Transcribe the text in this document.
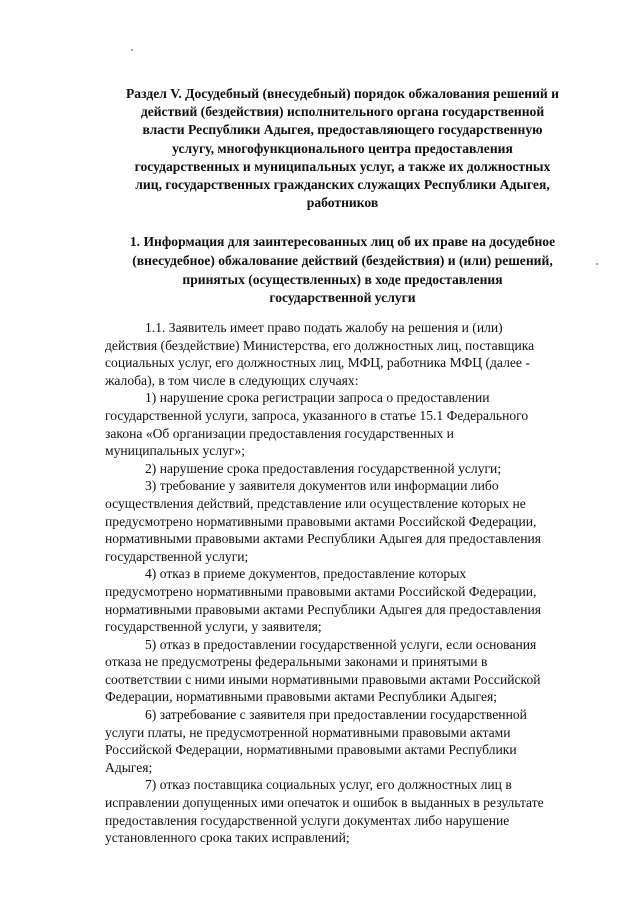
Раздел V. Досудебный (внесудебный) порядок обжалования решений и
действий (бездействия) исполнительного органа государственной
власти Республики Адыгея, предоставляющего государственную
услугу, многофункционального центра предоставления
государственных и муниципальных услуг, а также их должностных
лиц, государственных гражданских служащих Республики Адыгея,
работников
1. Информация для заинтересованных лиц об их праве на досудебное
(внесудебное) обжалование действий (бездействия) и (или) решений,
принятых (осуществленных) в ходе предоставления
государственной услуги

1.1. Заявитель имеет право подать жалобу на решения и (или)
действия (бездействие) Министерства, его должностных лиц, поставщика
социальных услуг, его должностных лиц, МФЦ, работника МФЦ (далее -
жалоба), в том числе в следующих случаях:

1) нарушение срока регистрации запроса о предоставлении
государственной услуги, запроса, указанного в статье 15.1 Федерального
закона «Об организации предоставления государственных и
муниципальных услуг»;

2) нарушение срока предоставления государственной услуги;

3) требование у заявителя документов или информации либо
осуществления действий, представление или осуществление которых не
предусмотрено нормативными правовыми актами Российской Федерации,
нормативными правовыми актами Республики Адыгея для предоставления
государственной услуги;

4) отказ в приеме документов, предоставление которых
предусмотрено нормативными правовыми актами Российской Федерации,
нормативными правовыми актами Республики Адыгея для предоставления
государственной услуги, у заявителя;

5) отказ в предоставлении государственной услуги, если основания
отказа не предусмотрены федеральными законами и принятыми в
соответствии с ними иными нормативными правовыми актами Российской
Федерации, нормативными правовыми актами Республики Адыгея;

6) затребование с заявителя при предоставлении государственной
услуги платы, не предусмотренной нормативными правовыми актами
Российской Федерации, нормативными правовыми актами Республики
Адыгея;

7) отказ поставщика социальных услуг, его должностных лиц в
исправлении допущенных ими опечаток и ошибок в выданных в результате
предоставления государственной услуги документах либо нарушение
установленного срока таких исправлений;
